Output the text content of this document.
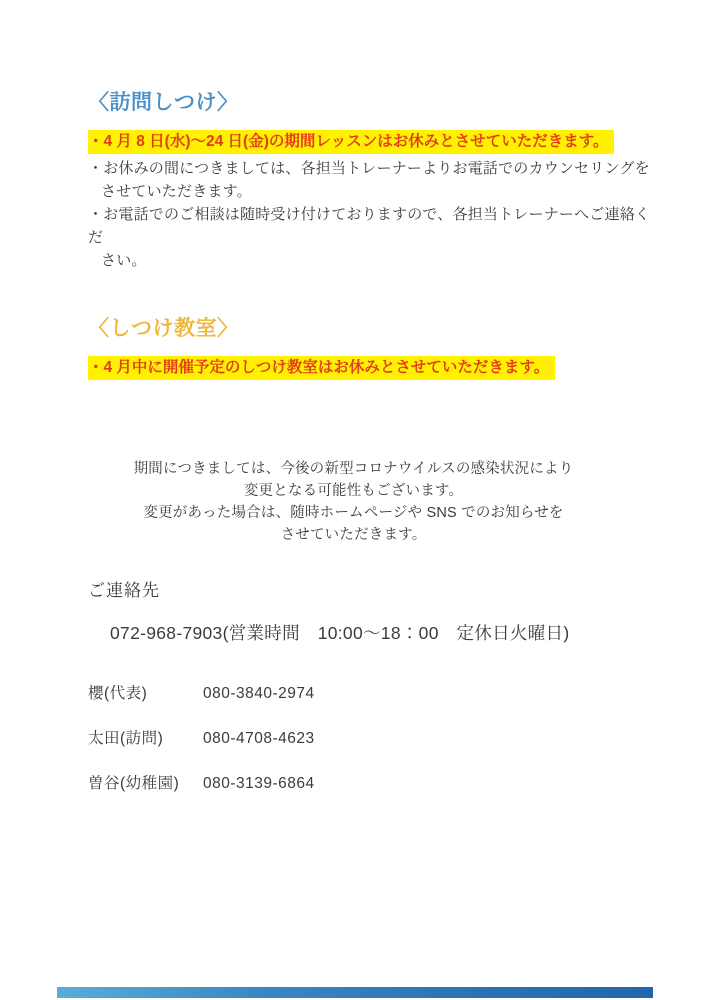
〈訪問しつけ〉
・4 月 8 日(水)～24 日(金)の期間レッスンはお休みとさせていただきます。
・お休みの間につきましては、各担当トレーナーよりお電話でのカウンセリングを
させていただきます。
・お電話でのご相談は随時受け付けておりますので、各担当トレーナーへご連絡くだ
さい。
〈しつけ教室〉
・4 月中に開催予定のしつけ教室はお休みとさせていただきます。
期間につきましては、今後の新型コロナウイルスの感染状況により
変更となる可能性もございます。
変更があった場合は、随時ホームページや SNS でのお知らせを
させていただきます。
ご連絡先
072-968-7903(営業時間　10:00～18：00　定休日火曜日)
櫻(代表)	080-3840-2974
太田(訪問)	080-4708-4623
曽谷(幼稚園)	080-3139-6864
